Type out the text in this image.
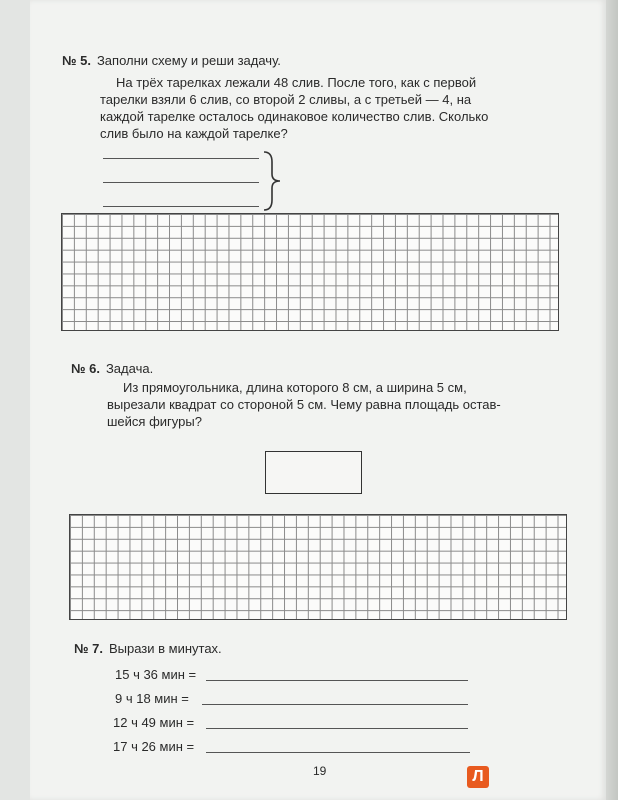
№ 5. Заполни схему и реши задачу.
На трёх тарелках лежали 48 слив. После того, как с первой
тарелки взяли 6 слив, со второй 2 сливы, а с третьей — 4, на
каждой тарелке осталось одинаковое количество слив. Сколько
слив было на каждой тарелке?
№ 6. Задача.
Из прямоугольника, длина которого 8 см, а ширина 5 см,
вырезали квадрат со стороной 5 см. Чему равна площадь остав-
шейся фигуры?
№ 7. Вырази в минутах.
15 ч 36 мин =
9 ч 18 мин =
12 ч 49 мин =
17 ч 26 мин =
19	Л
